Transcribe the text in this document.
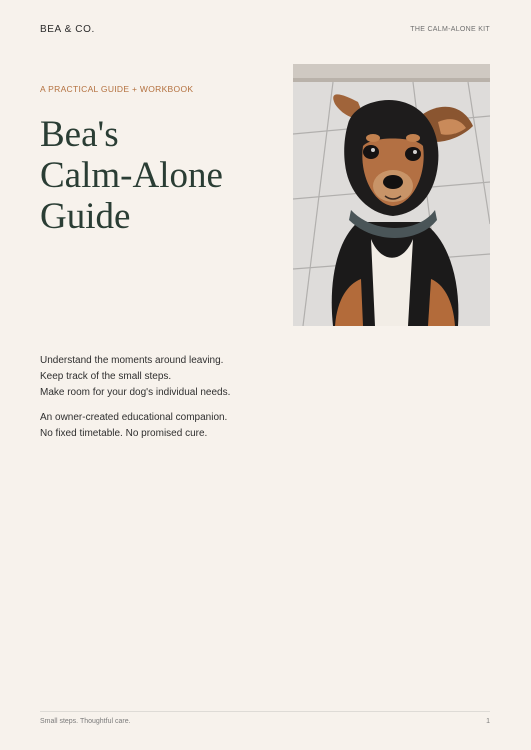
BEA & CO.	THE CALM-ALONE KIT
A PRACTICAL GUIDE + WORKBOOK
Bea's
Calm-Alone
Guide
Understand the moments around leaving.
Keep track of the small steps.
Make room for your dog's individual needs.
An owner-created educational companion.
No fixed timetable. No promised cure.
Small steps. Thoughtful care.	1
